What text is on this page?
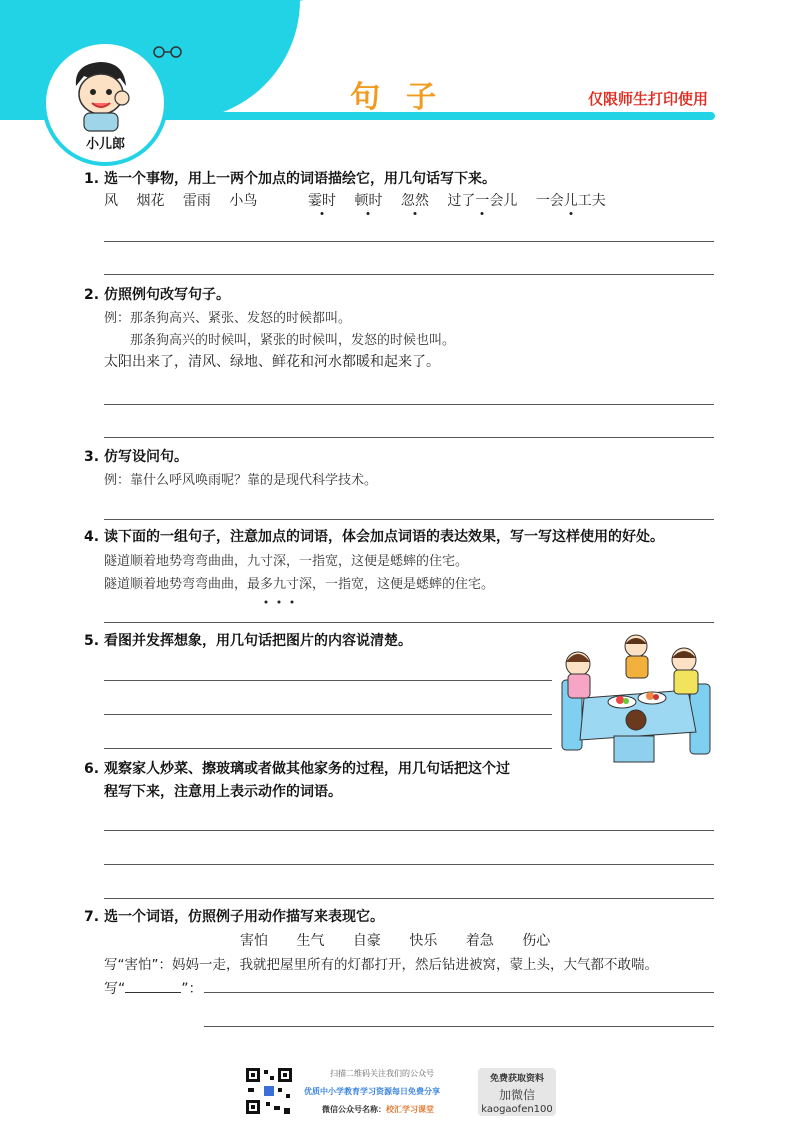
小儿郎
句子	仅限师生打印使用
1. 选一个事物，用上一两个加点的词语描绘它，用几句话写下来。
风 烟花 雷雨 小鸟	霎时 顿时 忽然 过了一会儿 一会儿工夫
2. 仿照例句改写句子。
例：那条狗高兴、紧张、发怒的时候都叫。
那条狗高兴的时候叫，紧张的时候叫，发怒的时候也叫。
太阳出来了，清风、绿地、鲜花和河水都暖和起来了。
3. 仿写设问句。
例：靠什么呼风唤雨呢？靠的是现代科学技术。
4. 读下面的一组句子，注意加点的词语，体会加点词语的表达效果，写一写这样使用的好处。
隧道顺着地势弯弯曲曲，九寸深，一指宽，这便是蟋蟀的住宅。
隧道顺着地势弯弯曲曲，最多九寸深，一指宽，这便是蟋蟀的住宅。
5. 看图并发挥想象，用几句话把图片的内容说清楚。
6. 观察家人炒菜、擦玻璃或者做其他家务的过程，用几句话把这个过
程写下来，注意用上表示动作的词语。
7. 选一个词语，仿照例子用动作描写来表现它。
害怕 生气 自豪 快乐 着急 伤心
写“害怕”：妈妈一走，我就把屋里所有的灯都打开，然后钻进被窝，蒙上头，大气都不敢喘。
写“	”：
扫描二维码关注我们的公众号
优质中小学教育学习资源每日免费分享
微信公众号名称：校汇学习课堂
免费获取资料
加微信
kaogaofen100
